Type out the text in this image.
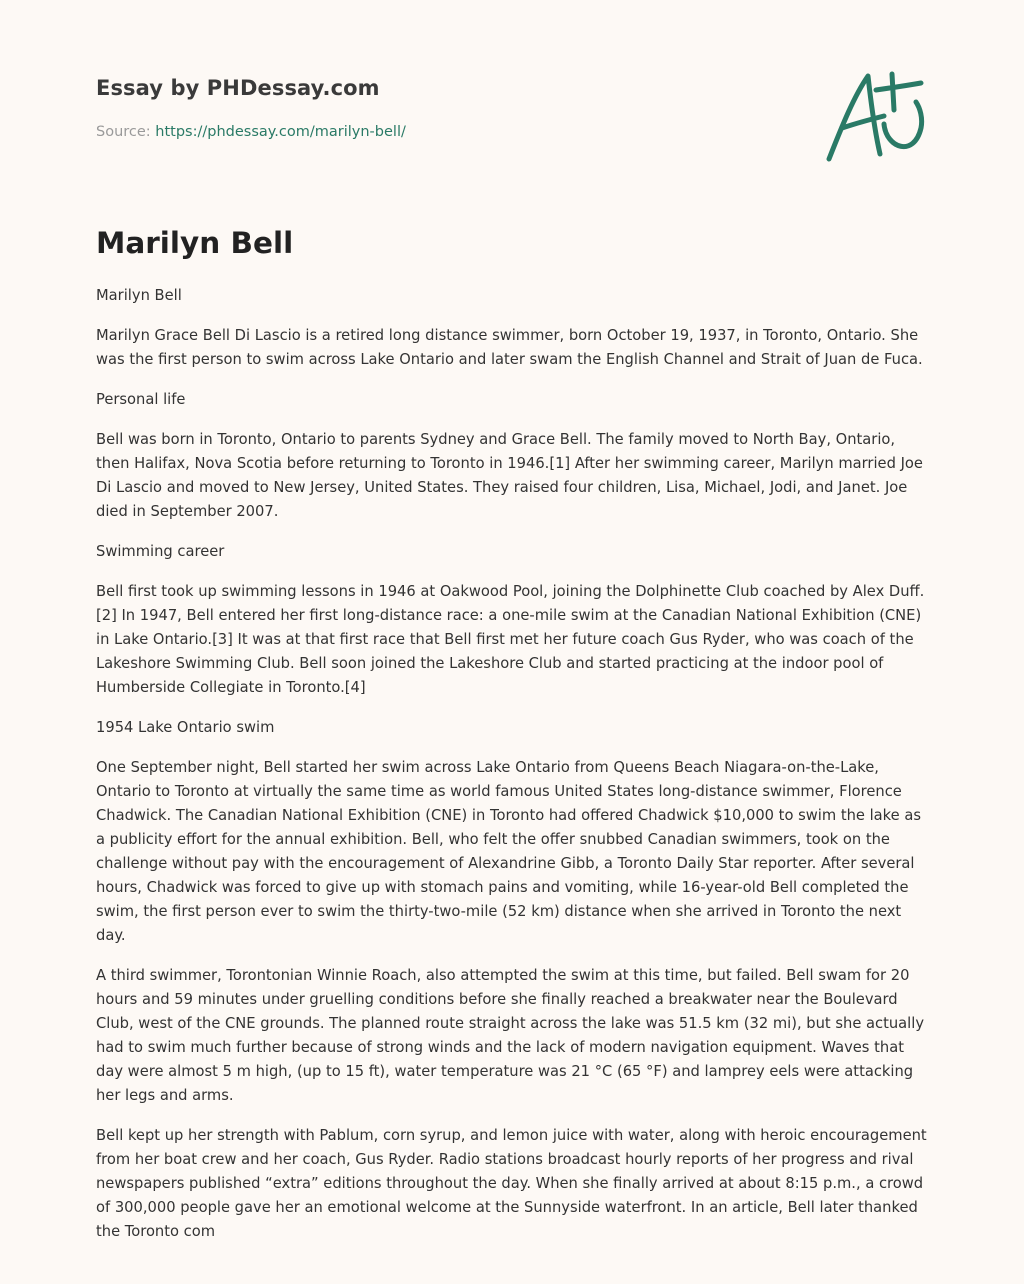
Essay by PHDessay.com
Source: https://phdessay.com/marilyn-bell/
Marilyn Bell

Marilyn Bell

Marilyn Grace Bell Di Lascio is a retired long distance swimmer, born October 19, 1937, in Toronto, Ontario. She was the first person to swim across Lake Ontario and later swam the English Channel and Strait of Juan de Fuca.

Personal life

Bell was born in Toronto, Ontario to parents Sydney and Grace Bell. The family moved to North Bay, Ontario, then Halifax, Nova Scotia before returning to Toronto in 1946.[1] After her swimming career, Marilyn married Joe Di Lascio and moved to New Jersey, United States. They raised four children, Lisa, Michael, Jodi, and Janet. Joe died in September 2007.

Swimming career

Bell first took up swimming lessons in 1946 at Oakwood Pool, joining the Dolphinette Club coached by Alex Duff.[2] In 1947, Bell entered her first long-distance race: a one-mile swim at the Canadian National Exhibition (CNE) in Lake Ontario.[3] It was at that first race that Bell first met her future coach Gus Ryder, who was coach of the Lakeshore Swimming Club. Bell soon joined the Lakeshore Club and started practicing at the indoor pool of Humberside Collegiate in Toronto.[4]

1954 Lake Ontario swim

One September night, Bell started her swim across Lake Ontario from Queens Beach Niagara-on-the-Lake, Ontario to Toronto at virtually the same time as world famous United States long-distance swimmer, Florence Chadwick. The Canadian National Exhibition (CNE) in Toronto had offered Chadwick $10,000 to swim the lake as a publicity effort for the annual exhibition. Bell, who felt the offer snubbed Canadian swimmers, took on the challenge without pay with the encouragement of Alexandrine Gibb, a Toronto Daily Star reporter. After several hours, Chadwick was forced to give up with stomach pains and vomiting, while 16-year-old Bell completed the swim, the first person ever to swim the thirty-two-mile (52 km) distance when she arrived in Toronto the next day.

A third swimmer, Torontonian Winnie Roach, also attempted the swim at this time, but failed. Bell swam for 20 hours and 59 minutes under gruelling conditions before she finally reached a breakwater near the Boulevard Club, west of the CNE grounds. The planned route straight across the lake was 51.5 km (32 mi), but she actually had to swim much further because of strong winds and the lack of modern navigation equipment. Waves that day were almost 5 m high, (up to 15 ft), water temperature was 21 °C (65 °F) and lamprey eels were attacking her legs and arms.

Bell kept up her strength with Pablum, corn syrup, and lemon juice with water, along with heroic encouragement from her boat crew and her coach, Gus Ryder. Radio stations broadcast hourly reports of her progress and rival newspapers published “extra” editions throughout the day. When she finally arrived at about 8:15 p.m., a crowd of 300,000 people gave her an emotional welcome at the Sunnyside waterfront. In an article, Bell later thanked the Toronto com
